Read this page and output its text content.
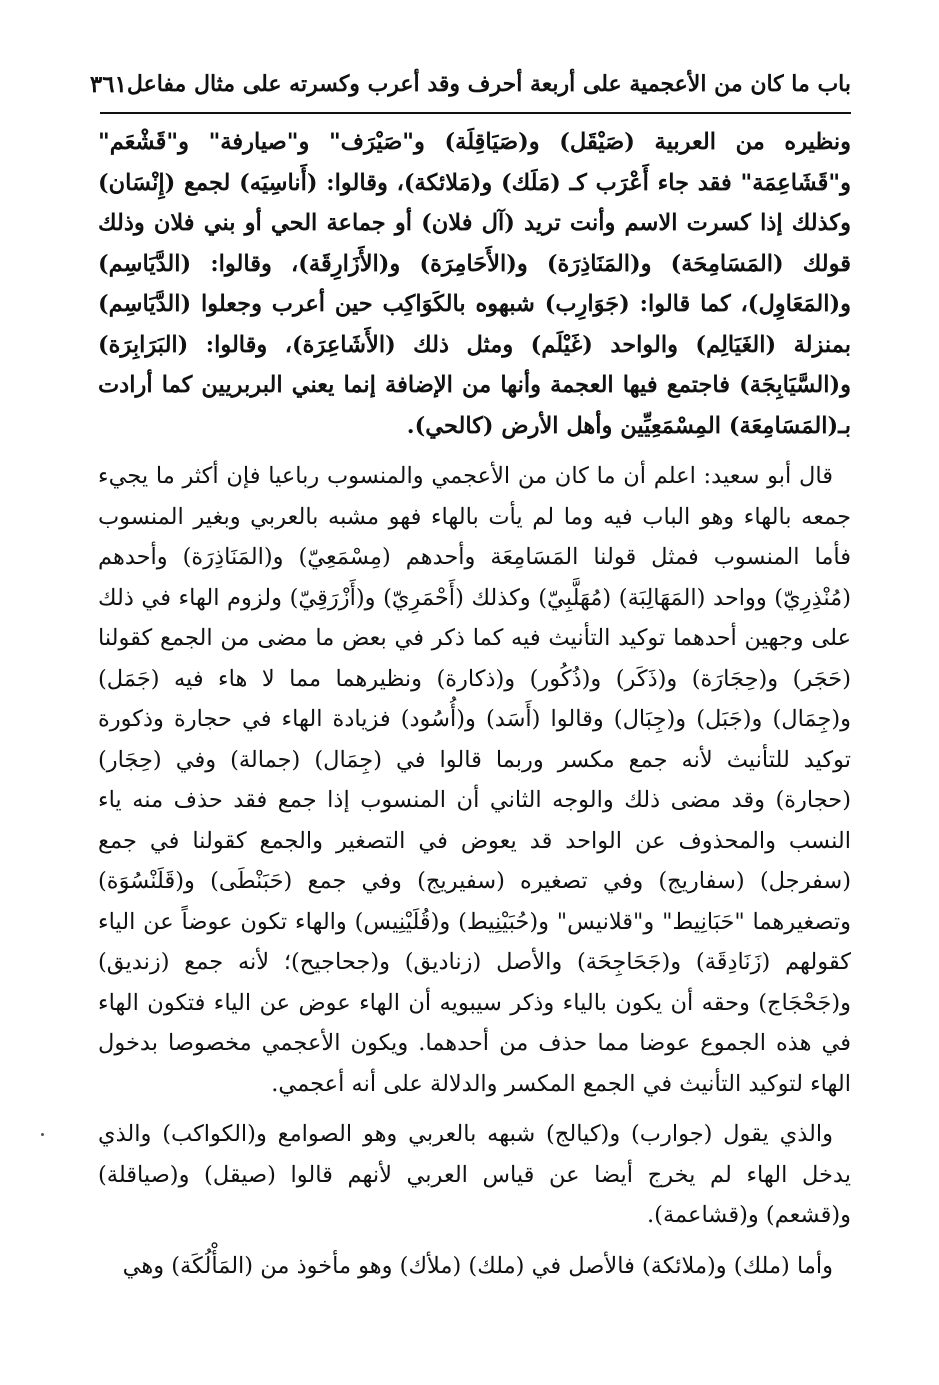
باب ما كان من الأعجمية على أربعة أحرف وقد أعرب وكسرته على مثال مفاعل
٣٦١

ونظيره من العربية (صَيْقَل) و(صَيَاقِلَة) و"صَيْرَف" و"صيارفة" و"قَشْعَم" و"قَشَاعِمَة" فقد جاء أَعْرَب كـ (مَلَك) و(مَلائكة)، وقالوا: (أَناسِيَه) لجمع (إِنْسَان) وكذلك إذا كسرت الاسم وأنت تريد (آل فلان) أو جماعة الحي أو بني فلان وذلك قولك (المَسَامِحَة) و(المَنَاذِرَة) و(الأَحَامِرَة) و(الأَزَارِقَة)، وقالوا: (الدَّيَاسِم) و(المَعَاوِل)، كما قالوا: (جَوَارِب) شبهوه بالكَوَاكِب حين أعرب وجعلوا (الدَّيَاسِم) بمنزلة (الغَيَالِم) والواحد (غَيْلَم) ومثل ذلك (الأَشَاعِرَة)، وقالوا: (البَرَابِرَة) و(السَّيَابِجَة) فاجتمع فيها العجمة وأنها من الإضافة إنما يعني البربريين كما أرادت بـ(المَسَامِعَة) المِسْمَعِيِّين وأهل الأرض (كالحي).

قال أبو سعيد: اعلم أن ما كان من الأعجمي والمنسوب رباعيا فإن أكثر ما يجيء جمعه بالهاء وهو الباب فيه وما لم يأت بالهاء فهو مشبه بالعربي وبغير المنسوب فأما المنسوب فمثل قولنا المَسَامِعَة وأحدهم (مِسْمَعِيّ) و(المَنَاذِرَة) وأحدهم (مُنْذِرِيّ) وواحد (المَهَالِبَة) (مُهَلَّبِيّ) وكذلك (أَحْمَرِيّ) و(أَزْرَقِيّ) ولزوم الهاء في ذلك على وجهين أحدهما توكيد التأنيث فيه كما ذكر في بعض ما مضى من الجمع كقولنا (حَجَر) و(حِجَارَة) و(ذَكَر) و(ذُكُور) و(ذكارة) ونظيرهما مما لا هاء فيه (جَمَل) و(جِمَال) و(جَبَل) و(جِبَال) وقالوا (أَسَد) و(أُسُود) فزيادة الهاء في حجارة وذكورة توكيد للتأنيث لأنه جمع مكسر وربما قالوا في (جِمَال) (جمالة) وفي (حِجَار) (حجارة) وقد مضى ذلك والوجه الثاني أن المنسوب إذا جمع فقد حذف منه ياء النسب والمحذوف عن الواحد قد يعوض في التصغير والجمع كقولنا في جمع (سفرجل) (سفاريج) وفي تصغيره (سفيريج) وفي جمع (حَبَنْطَى) و(قَلَنْسُوَة) وتصغيرهما "حَبَانِيط" و"قلانيس" و(حُبَيْنِيط) و(قُلَيْنِيس) والهاء تكون عوضاً عن الياء كقولهم (زَنَادِقَة) و(جَحَاجِحَة) والأصل (زناديق) و(جحاجيح)؛ لأنه جمع (زنديق) و(جَحْجَاج) وحقه أن يكون بالياء وذكر سيبويه أن الهاء عوض عن الياء فتكون الهاء في هذه الجموع عوضا مما حذف من أحدهما. ويكون الأعجمي مخصوصا بدخول الهاء لتوكيد التأنيث في الجمع المكسر والدلالة على أنه أعجمي.

والذي يقول (جوارب) و(كيالج) شبهه بالعربي وهو الصوامع و(الكواكب) والذي يدخل الهاء لم يخرج أيضا عن قياس العربي لأنهم قالوا (صيقل) و(صياقلة) و(قشعم) و(قشاعمة).

وأما (ملك) و(ملائكة) فالأصل في (ملك) (ملأك) وهو مأخوذ من (المَأْلُكَة) وهي
